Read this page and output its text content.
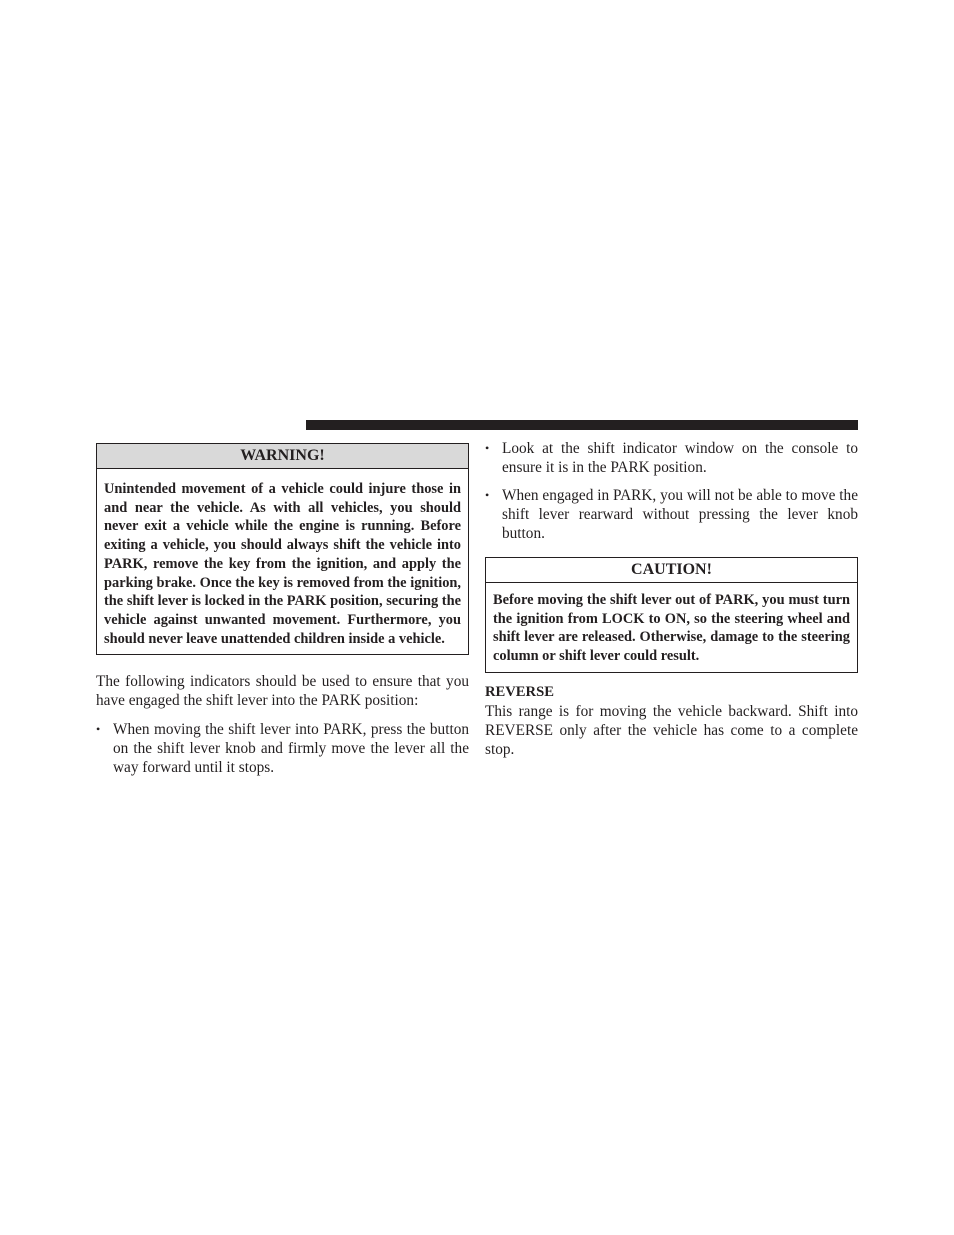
WARNING!
Unintended movement of a vehicle could injure those in and near the vehicle. As with all vehicles, you should never exit a vehicle while the engine is running. Before exiting a vehicle, you should always shift the vehicle into PARK, remove the key from the ignition, and apply the parking brake. Once the key is removed from the ignition, the shift lever is locked in the PARK position, securing the vehicle against unwanted movement. Furthermore, you should never leave unattended children inside a vehicle.

The following indicators should be used to ensure that you have engaged the shift lever into the PARK position:

• When moving the shift lever into PARK, press the button on the shift lever knob and firmly move the lever all the way forward until it stops.
• Look at the shift indicator window on the console to ensure it is in the PARK position.
• When engaged in PARK, you will not be able to move the shift lever rearward without pressing the lever knob button.
CAUTION!
Before moving the shift lever out of PARK, you must turn the ignition from LOCK to ON, so the steering wheel and shift lever are released. Otherwise, damage to the steering column or shift lever could result.

REVERSE

This range is for moving the vehicle backward. Shift into REVERSE only after the vehicle has come to a complete stop.
